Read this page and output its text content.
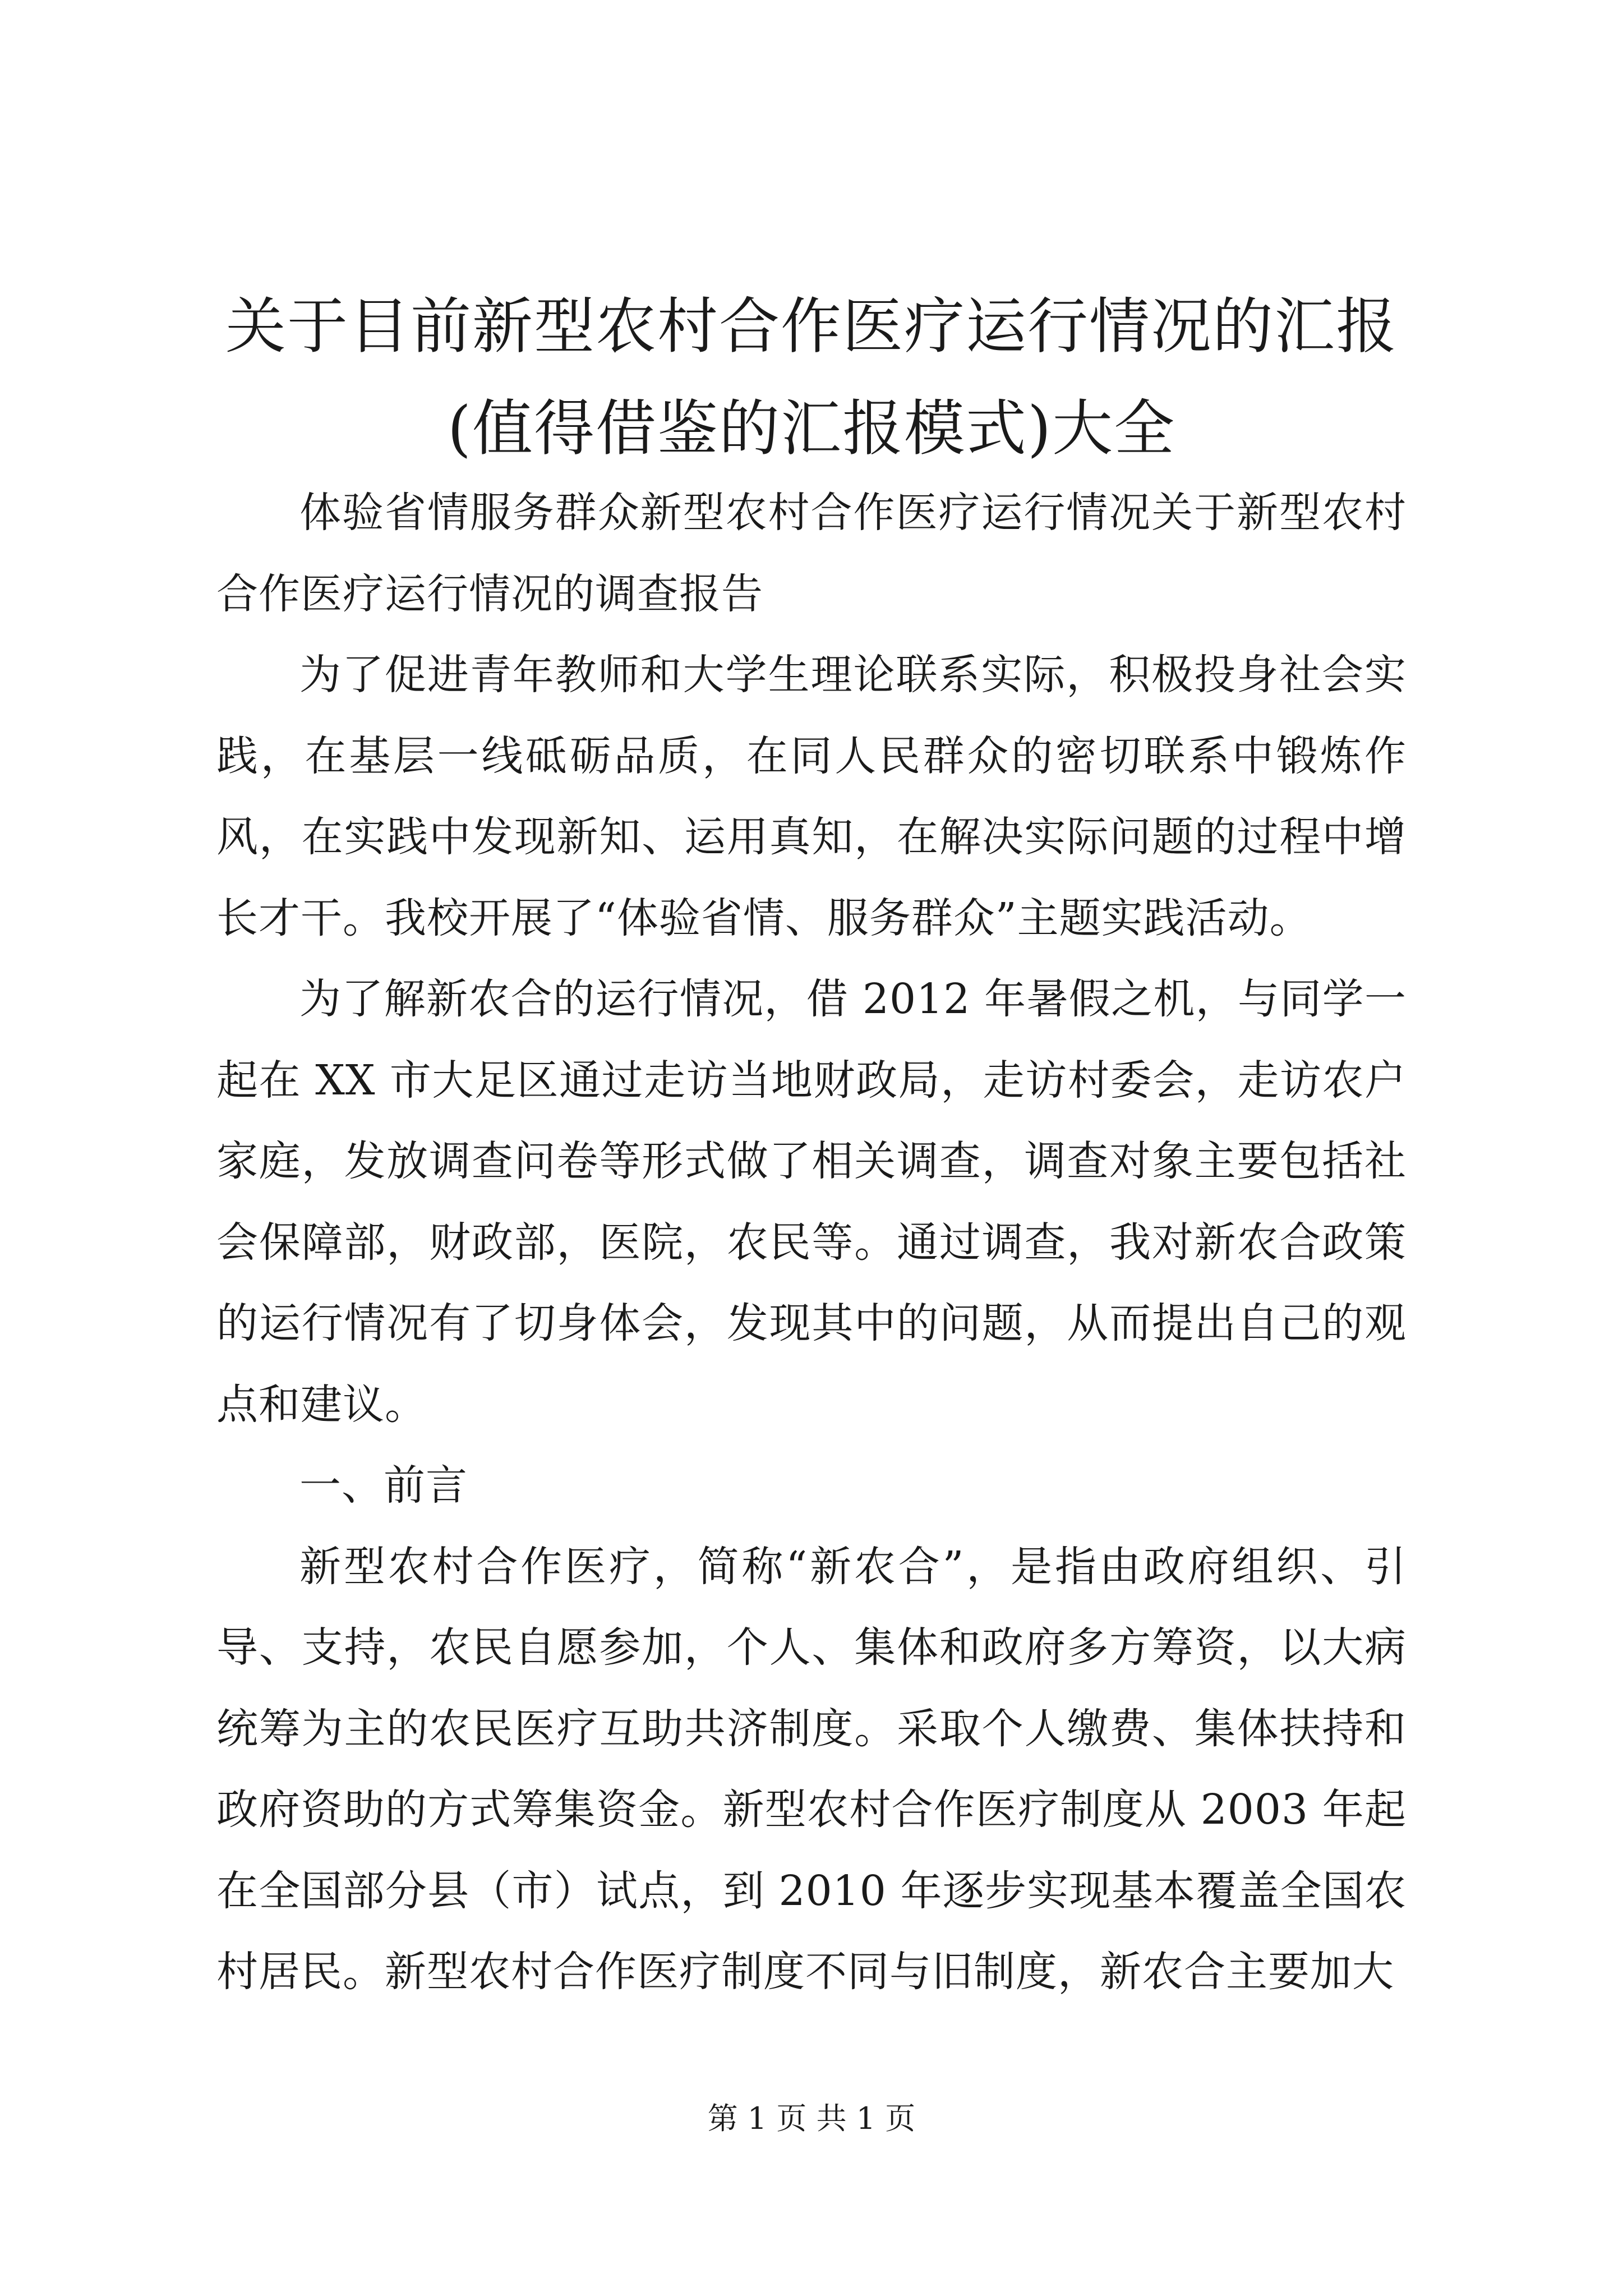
关于目前新型农村合作医疗运行情况的汇报
(值得借鉴的汇报模式)大全

体验省情服务群众新型农村合作医疗运行情况关于新型农村合作医疗运行情况的调查报告

为了促进青年教师和大学生理论联系实际，积极投身社会实践，在基层一线砥砺品质，在同人民群众的密切联系中锻炼作风，在实践中发现新知、运用真知，在解决实际问题的过程中增长才干。我校开展了“体验省情、服务群众”主题实践活动。

为了解新农合的运行情况，借 2012 年暑假之机，与同学一起在 XX 市大足区通过走访当地财政局，走访村委会，走访农户家庭，发放调查问卷等形式做了相关调查，调查对象主要包括社会保障部，财政部，医院，农民等。通过调查，我对新农合政策的运行情况有了切身体会，发现其中的问题，从而提出自己的观点和建议。

一、前言

新型农村合作医疗，简称“新农合”，是指由政府组织、引导、支持，农民自愿参加，个人、集体和政府多方筹资，以大病统筹为主的农民医疗互助共济制度。采取个人缴费、集体扶持和政府资助的方式筹集资金。新型农村合作医疗制度从 2003 年起在全国部分县（市）试点，到 2010 年逐步实现基本覆盖全国农村居民。新型农村合作医疗制度不同与旧制度，新农合主要加大

第 1 页 共 1 页
